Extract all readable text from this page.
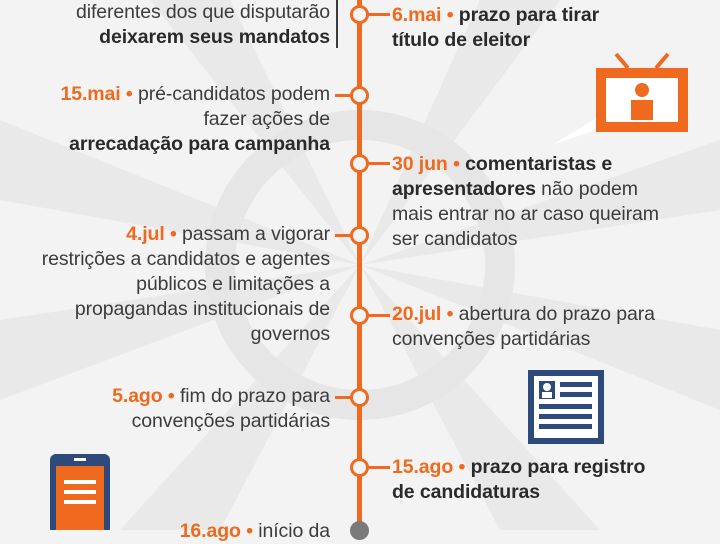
diferentes dos que disputarão
deixarem seus mandatos
6.mai • prazo para tirar título de eleitor
15.mai • pré-candidatos podem fazer ações de
arrecadação para campanha
30 jun • comentaristas e apresentadores não podem mais entrar no ar caso queiram ser candidatos
4.jul • passam a vigorar restrições a candidatos e agentes públicos e limitações a propagandas institucionais de governos
20.jul • abertura do prazo para convenções partidárias
5.ago • fim do prazo para convenções partidárias
15.ago • prazo para registro de candidaturas
16.ago • início da
